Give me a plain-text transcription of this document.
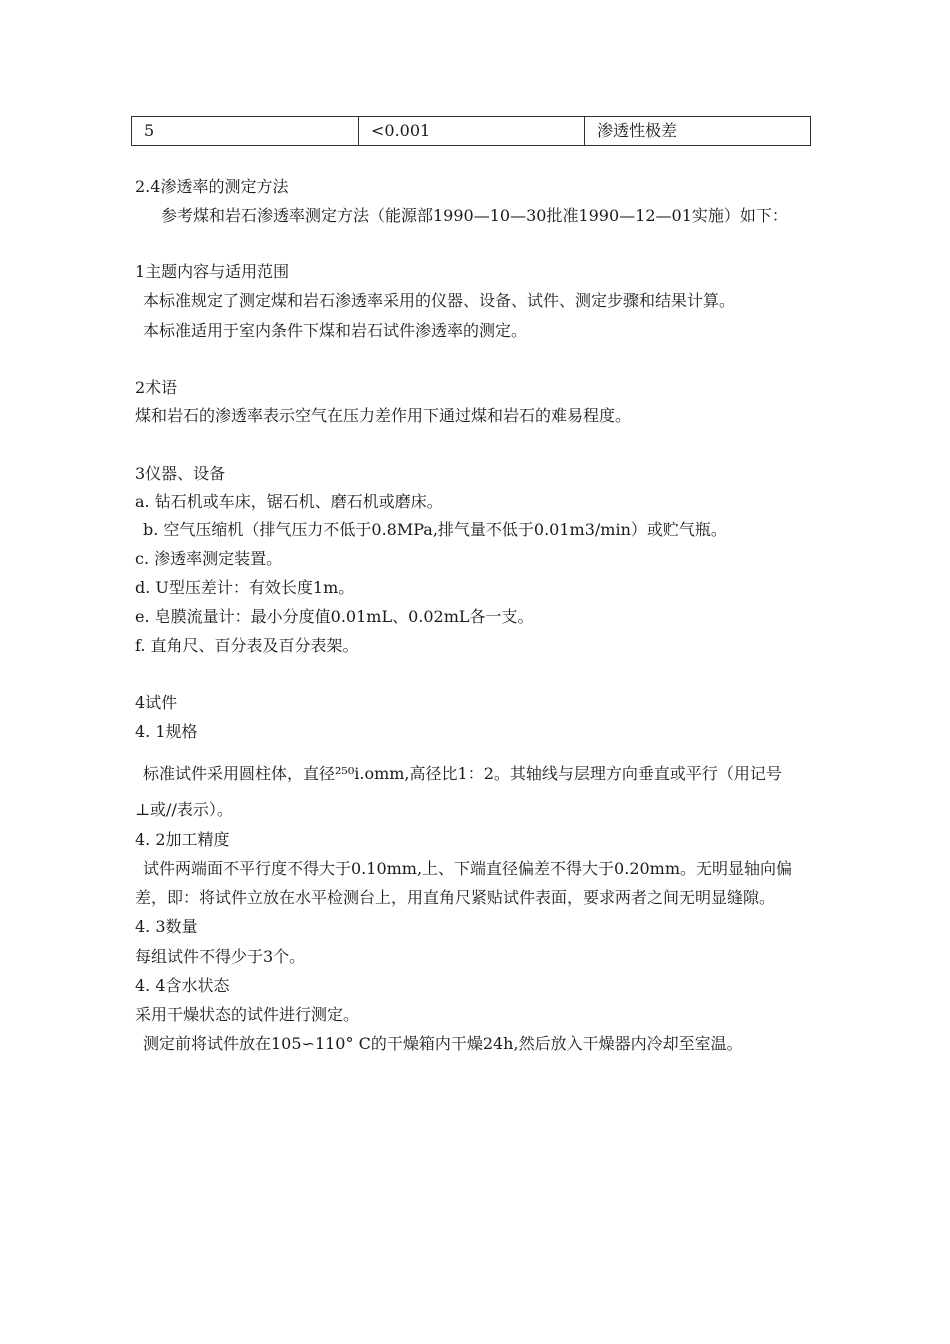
5	<0.001	渗透性极差
2.4渗透率的测定方法
参考煤和岩石渗透率测定方法（能源部1990—10—30批准1990—12—01实施）如下：
1主题内容与适用范围
本标准规定了测定煤和岩石渗透率采用的仪器、设备、试件、测定步骤和结果计算。
本标准适用于室内条件下煤和岩石试件渗透率的测定。
2术语
煤和岩石的渗透率表示空气在压力差作用下通过煤和岩石的难易程度。
3仪器、设备
a. 钻石机或车床，锯石机、磨石机或磨床。
b. 空气压缩机（排气压力不低于0.8MPa,排气量不低于0.01m3/min）或贮气瓶。
c. 渗透率测定装置。
d. U型压差计：有效长度1m。
e. 皂膜流量计：最小分度值0.01mL、0.02mL各一支。
f. 直角尺、百分表及百分表架。
4试件
4. 1规格
标准试件采用圆柱体，直径²⁵⁰i.omm,高径比1：2。其轴线与层理方向垂直或平行（用记号
⊥或//表示）。
4. 2加工精度
试件两端面不平行度不得大于0.10mm,上、下端直径偏差不得大于0.20mm。无明显轴向偏
差，即：将试件立放在水平检测台上，用直角尺紧贴试件表面，要求两者之间无明显缝隙。
4. 3数量
每组试件不得少于3个。
4. 4含水状态
采用干燥状态的试件进行测定。
测定前将试件放在105∽110° C的干燥箱内干燥24h,然后放入干燥器内冷却至室温。
